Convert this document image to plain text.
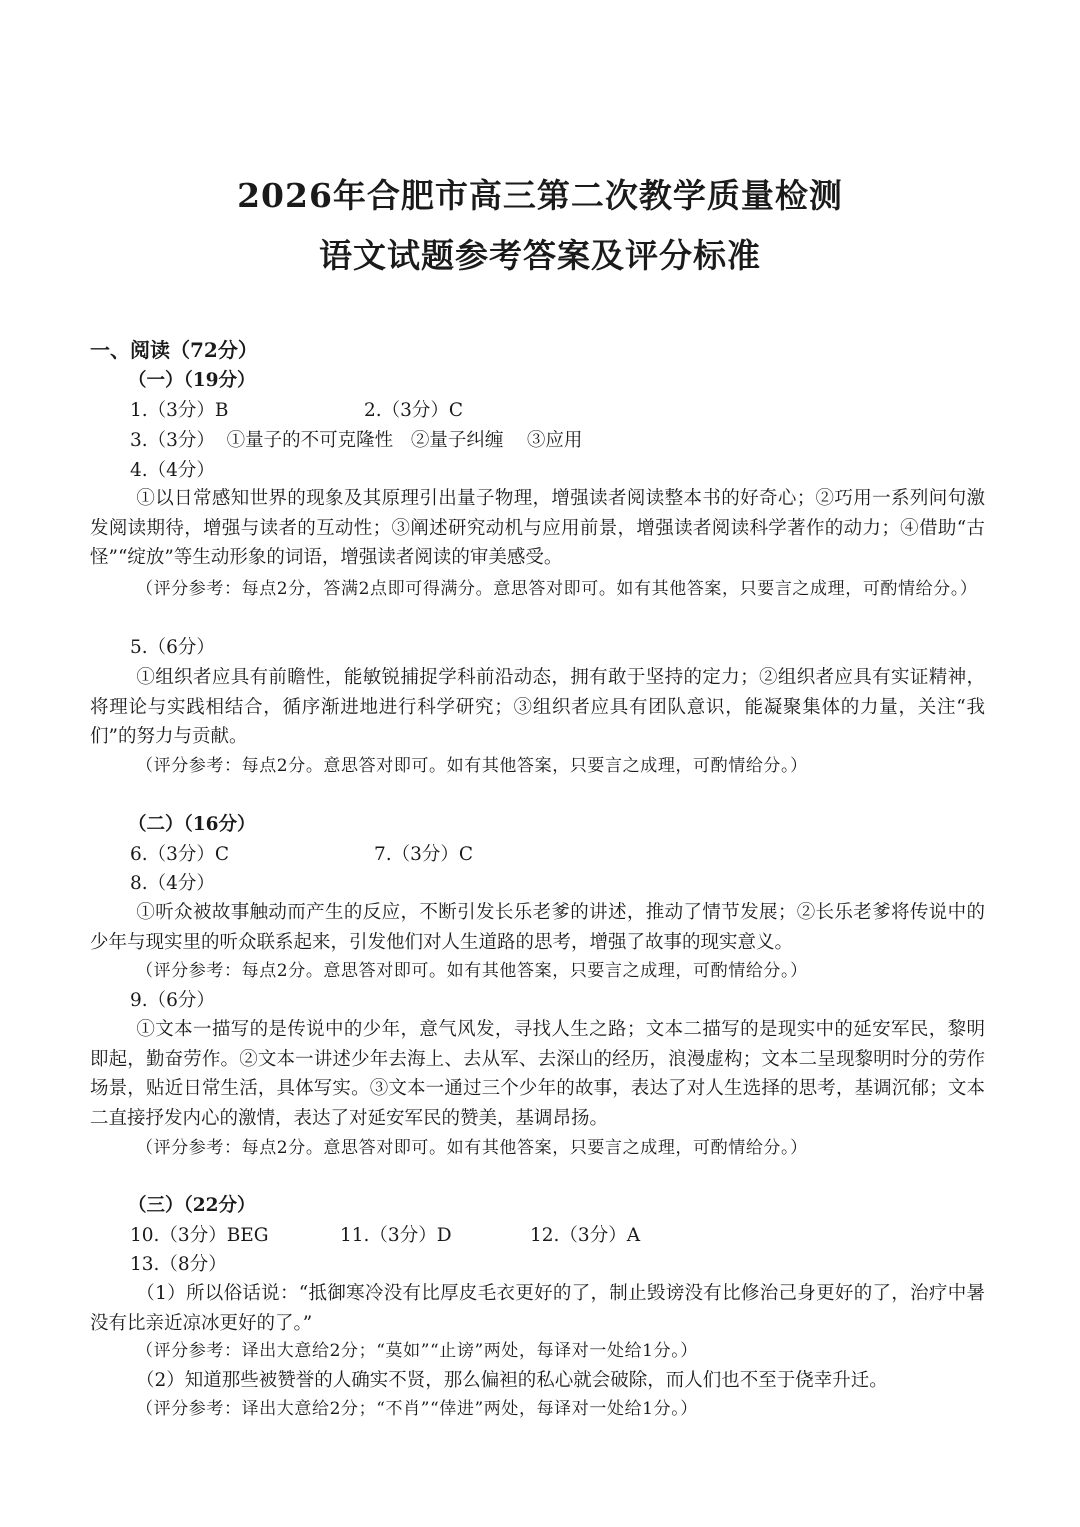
2026年合肥市高三第二次教学质量检测
语文试题参考答案及评分标准
一、阅读（72分）
（一）（19分）
1.（3分）B	2.（3分）C
3.（3分）  ①量子的不可克隆性   ②量子纠缠    ③应用
4.（4分）
①以日常感知世界的现象及其原理引出量子物理，增强读者阅读整本书的好奇心；②巧用一系列问句激发阅读期待，增强与读者的互动性；③阐述研究动机与应用前景，增强读者阅读科学著作的动力；④借助“古怪”“绽放”等生动形象的词语，增强读者阅读的审美感受。
（评分参考：每点2分，答满2点即可得满分。意思答对即可。如有其他答案，只要言之成理，可酌情给分。）
5.（6分）
①组织者应具有前瞻性，能敏锐捕捉学科前沿动态，拥有敢于坚持的定力；②组织者应具有实证精神，将理论与实践相结合，循序渐进地进行科学研究；③组织者应具有团队意识，能凝聚集体的力量，关注“我们”的努力与贡献。
（评分参考：每点2分。意思答对即可。如有其他答案，只要言之成理，可酌情给分。）
（二）（16分）
6.（3分）C	7.（3分）C
8.（4分）
①听众被故事触动而产生的反应，不断引发长乐老爹的讲述，推动了情节发展；②长乐老爹将传说中的少年与现实里的听众联系起来，引发他们对人生道路的思考，增强了故事的现实意义。
（评分参考：每点2分。意思答对即可。如有其他答案，只要言之成理，可酌情给分。）
9.（6分）
①文本一描写的是传说中的少年，意气风发，寻找人生之路；文本二描写的是现实中的延安军民，黎明即起，勤奋劳作。②文本一讲述少年去海上、去从军、去深山的经历，浪漫虚构；文本二呈现黎明时分的劳作场景，贴近日常生活，具体写实。③文本一通过三个少年的故事，表达了对人生选择的思考，基调沉郁；文本二直接抒发内心的激情，表达了对延安军民的赞美，基调昂扬。
（评分参考：每点2分。意思答对即可。如有其他答案，只要言之成理，可酌情给分。）
（三）（22分）
10.（3分）BEG	11.（3分）D	12.（3分）A
13.（8分）
（1）所以俗话说：“抵御寒冷没有比厚皮毛衣更好的了，制止毁谤没有比修治己身更好的了，治疗中暑没有比亲近凉冰更好的了。”
（评分参考：译出大意给2分；“莫如”“止谤”两处，每译对一处给1分。）
（2）知道那些被赞誉的人确实不贤，那么偏袒的私心就会破除，而人们也不至于侥幸升迁。
（评分参考：译出大意给2分；“不肖”“倖进”两处，每译对一处给1分。）
